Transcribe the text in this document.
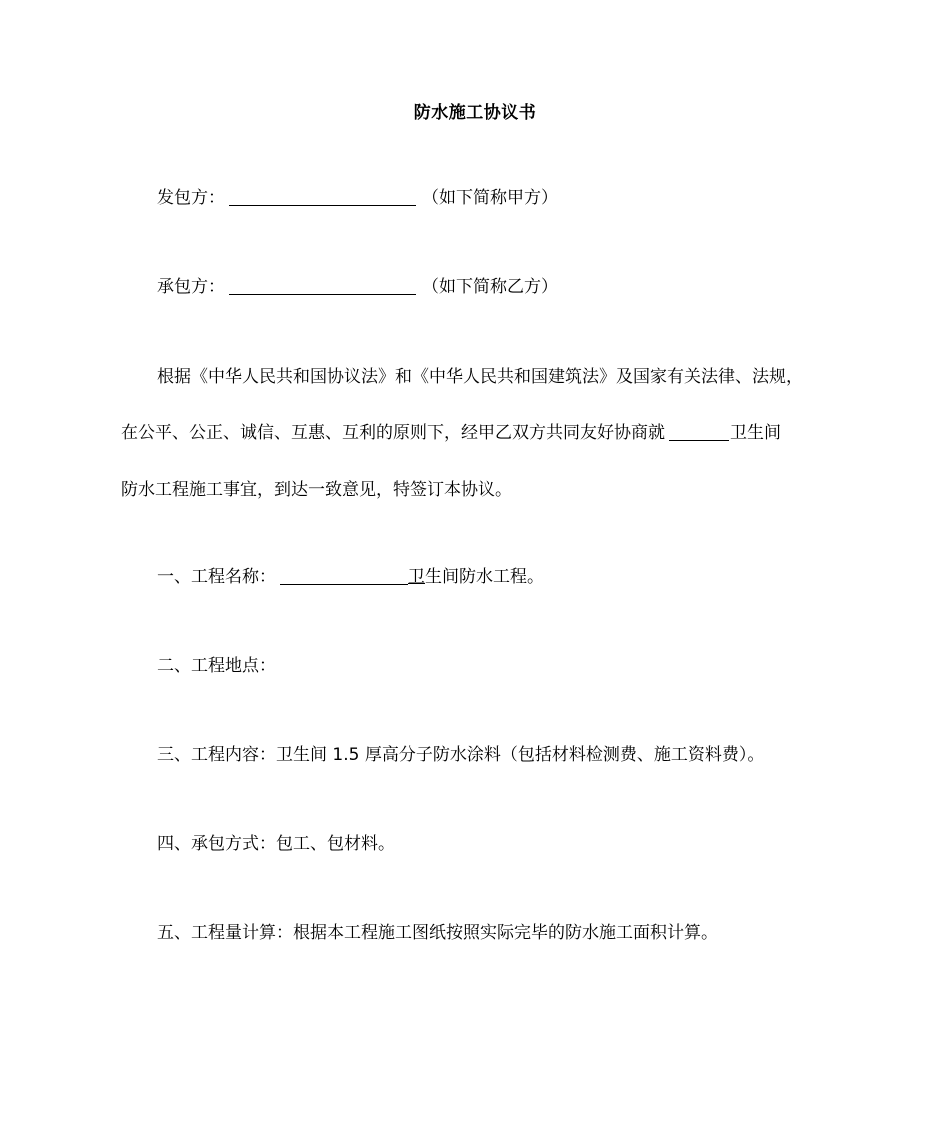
防水施工协议书
发包方：	（如下简称甲方）
承包方：	（如下简称乙方）
根据《中华人民共和国协议法》和《中华人民共和国建筑法》及国家有关法律、法规，
在公平、公正、诚信、互惠、互利的原则下，经甲乙双方共同友好协商就	卫生间
防水工程施工事宜，到达一致意见，特签订本协议。
一、工程名称：	卫生间防水工程。
二、工程地点：
三、工程内容：卫生间 1.5 厚高分子防水涂料（包括材料检测费、施工资料费）。
四、承包方式：包工、包材料。
五、工程量计算：根据本工程施工图纸按照实际完毕的防水施工面积计算。
